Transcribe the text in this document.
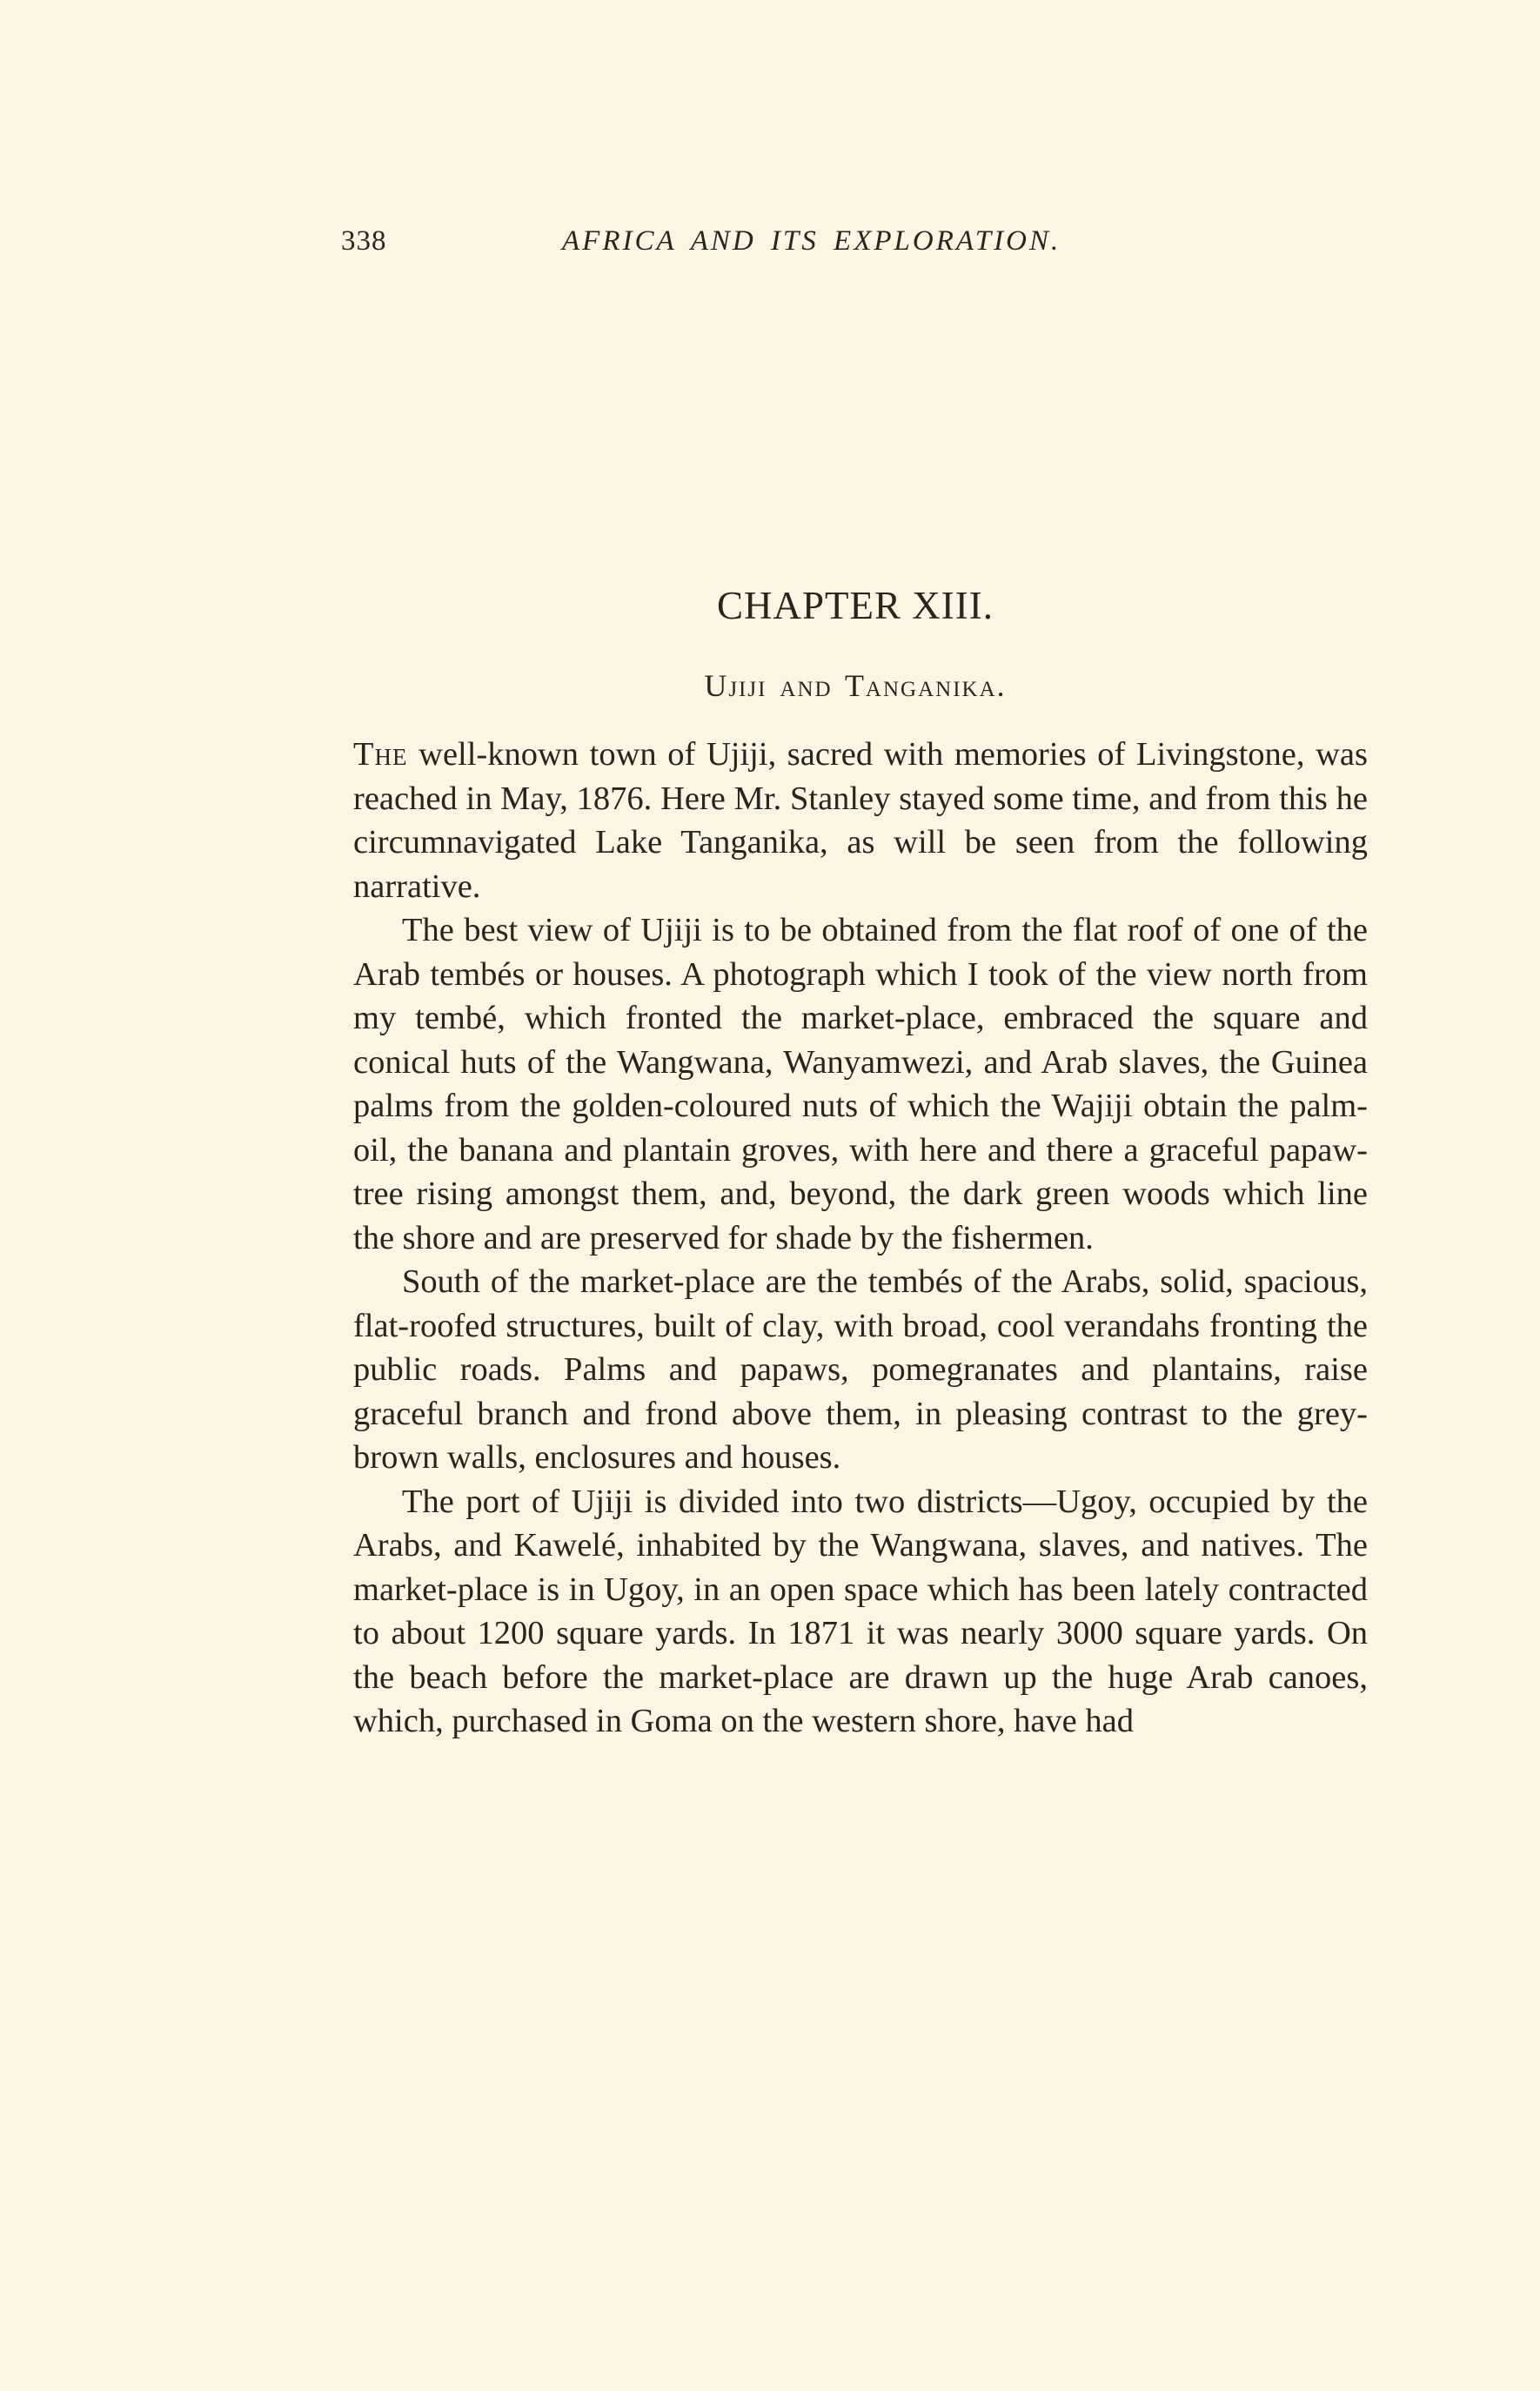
338	AFRICA AND ITS EXPLORATION.
CHAPTER XIII.
Ujiji and Tanganika.

The well-known town of Ujiji, sacred with memories of Livingstone, was reached in May, 1876. Here Mr. Stanley stayed some time, and from this he circumnavigated Lake Tanganika, as will be seen from the following narrative.

The best view of Ujiji is to be obtained from the flat roof of one of the Arab tembés or houses. A photograph which I took of the view north from my tembé, which fronted the market-place, embraced the square and conical huts of the Wangwana, Wanyamwezi, and Arab slaves, the Guinea palms from the golden-coloured nuts of which the Wajiji obtain the palm-oil, the banana and plantain groves, with here and there a graceful papaw-tree rising amongst them, and, beyond, the dark green woods which line the shore and are preserved for shade by the fishermen.

South of the market-place are the tembés of the Arabs, solid, spacious, flat-roofed structures, built of clay, with broad, cool verandahs fronting the public roads. Palms and papaws, pomegranates and plantains, raise graceful branch and frond above them, in pleasing contrast to the grey-brown walls, enclosures and houses.

The port of Ujiji is divided into two districts—Ugoy, occupied by the Arabs, and Kawelé, inhabited by the Wangwana, slaves, and natives. The market-place is in Ugoy, in an open space which has been lately contracted to about 1200 square yards. In 1871 it was nearly 3000 square yards. On the beach before the market-place are drawn up the huge Arab canoes, which, purchased in Goma on the western shore, have had
